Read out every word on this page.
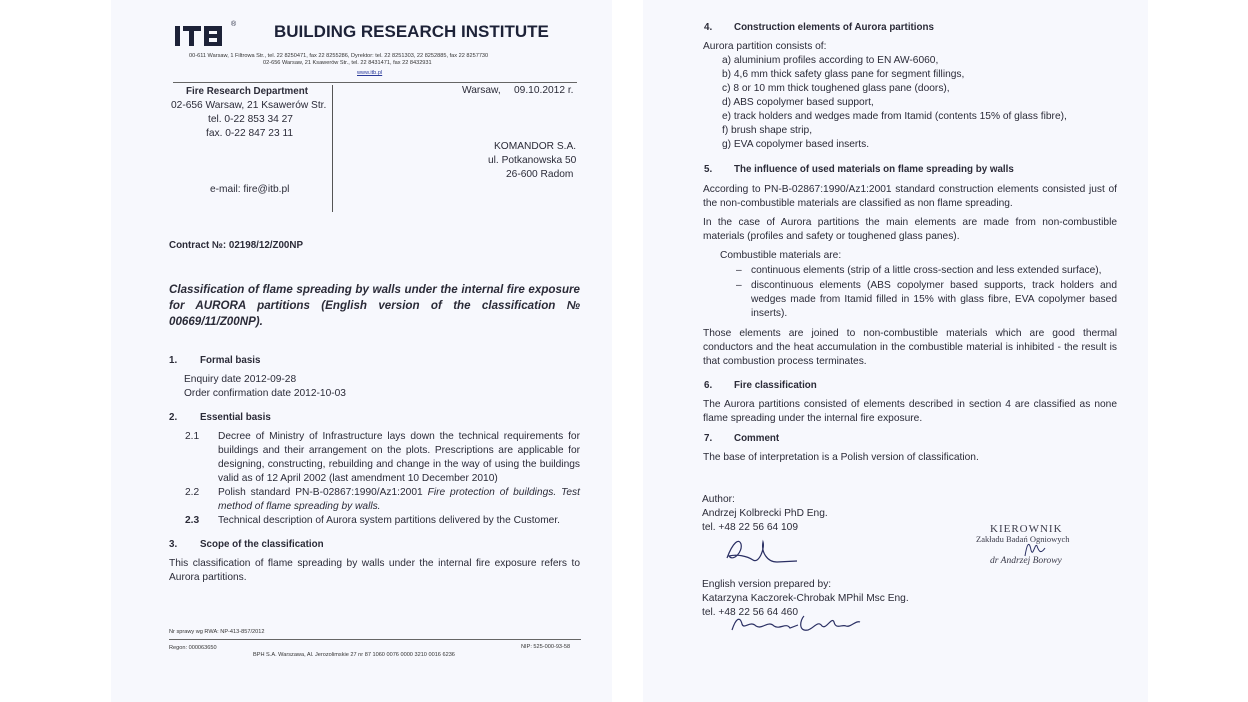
® BUILDING RESEARCH INSTITUTE
00-611 Warsaw, 1 Filtrowa Str., tel. 22 8250471, fax 22 8255286, Dyrektor: tel. 22 8251303, 22 8252885, fax 22 8257730
02-656 Warsaw, 21 Ksawerów Str., tel. 22 8431471, fax 22 8432931
www.itb.pl
Fire Research Department
02-656 Warsaw, 21 Ksawerów Str.
tel. 0-22 853 34 27
fax. 0-22 847 23 11
e-mail: fire@itb.pl
Warsaw, 09.10.2012 r.
KOMANDOR S.A.
ul. Potkanowska 50
26-600 Radom
Contract №: 02198/12/Z00NP
Classification of flame spreading by walls under the internal fire exposure for AURORA partitions (English version of the classification № 00669/11/Z00NP).
1. Formal basis
Enquiry date 2012-09-28
Order confirmation date 2012-10-03
2. Essential basis
2.1 Decree of Ministry of Infrastructure lays down the technical requirements for buildings and their arrangement on the plots. Prescriptions are applicable for designing, constructing, rebuilding and change in the way of using the buildings valid as of 12 April 2002 (last amendment 10 December 2010)
2.2 Polish standard PN-B-02867:1990/Az1:2001 Fire protection of buildings. Test method of flame spreading by walls.
2.3 Technical description of Aurora system partitions delivered by the Customer.
3. Scope of the classification
This classification of flame spreading by walls under the internal fire exposure refers to Aurora partitions.
Nr sprawy wg RWA: NP-413-857/2012
Regon: 000063650	NIP: 525-000-93-58
BPH S.A. Warszawa, Al. Jerozolimskie 27 nr 87 1060 0076 0000 3210 0016 6236
4. Construction elements of Aurora partitions
Aurora partition consists of:
a) aluminium profiles according to EN AW-6060,
b) 4,6 mm thick safety glass pane for segment fillings,
c) 8 or 10 mm thick toughened glass pane (doors),
d) ABS copolymer based support,
e) track holders and wedges made from Itamid (contents 15% of glass fibre),
f) brush shape strip,
g) EVA copolymer based inserts.
5. The influence of used materials on flame spreading by walls
According to PN-B-02867:1990/Az1:2001 standard construction elements consisted just of the non-combustible materials are classified as non flame spreading.
In the case of Aurora partitions the main elements are made from non-combustible materials (profiles and safety or toughened glass panes).
Combustible materials are:
– continuous elements (strip of a little cross-section and less extended surface),
– discontinuous elements (ABS copolymer based supports, track holders and wedges made from Itamid filled in 15% with glass fibre, EVA copolymer based inserts).
Those elements are joined to non-combustible materials which are good thermal conductors and the heat accumulation in the combustible material is inhibited - the result is that combustion process terminates.
6. Fire classification
The Aurora partitions consisted of elements described in section 4 are classified as none flame spreading under the internal fire exposure.
7. Comment
The base of interpretation is a Polish version of classification.
Author:
Andrzej Kolbrecki PhD Eng.
tel. +48 22 56 64 109	KIEROWNIK
Zakładu Badań Ogniowych
dr Andrzej Borowy
English version prepared by:
Katarzyna Kaczorek-Chrobak MPhil Msc Eng.
tel. +48 22 56 64 460
